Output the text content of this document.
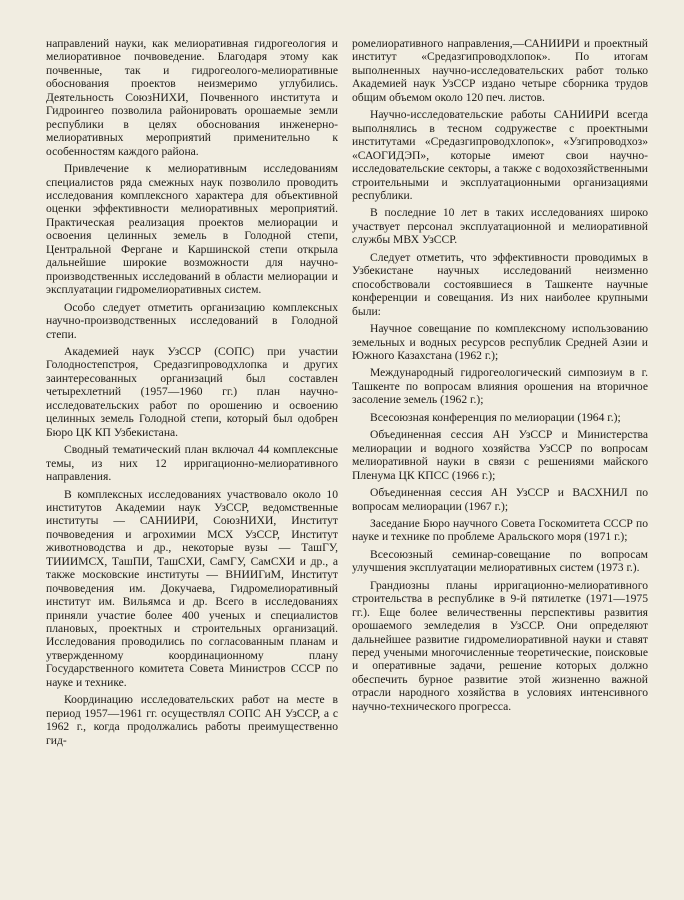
направлений науки, как мелиоративная гидрогеология и мелиоративное почвоведение. Благодаря этому как почвенные, так и гидрогеолого-мелиоративные обоснования проектов неизмеримо углубились. Деятельность СоюзНИХИ, Почвенного института и Гидроингео позволила районировать орошаемые земли республики в целях обоснования инженерно-мелиоративных мероприятий применительно к особенностям каждого района.

Привлечение к мелиоративным исследованиям специалистов ряда смежных наук позволило проводить исследования комплексного характера для объективной оценки эффективности мелиоративных мероприятий. Практическая реализация проектов мелиорации и освоения целинных земель в Голодной степи, Центральной Фергане и Каршинской степи открыла дальнейшие широкие возможности для научно-производственных исследований в области мелиорации и эксплуатации гидромелиоративных систем.

Особо следует отметить организацию комплексных научно-производственных исследований в Голодной степи.

Академией наук УзССР (СОПС) при участии Голодностепстроя, Средазгипроводхлопка и других заинтересованных организаций был составлен четырехлетний (1957—1960 гг.) план научно-исследовательских работ по орошению и освоению целинных земель Голодной степи, который был одобрен Бюро ЦК КП Узбекистана.

Сводный тематический план включал 44 комплексные темы, из них 12 ирригационно-мелиоративного направления.

В комплексных исследованиях участвовало около 10 институтов Академии наук УзССР, ведомственные институты — САНИИРИ, СоюзНИХИ, Институт почвоведения и агрохимии МСХ УзССР, Институт животноводства и др., некоторые вузы — ТашГУ, ТИИИМСХ, ТашПИ, ТашСХИ, СамГУ, СамСХИ и др., а также московские институты — ВНИИГиМ, Институт почвоведения им. Докучаева, Гидромелиоративный институт им. Вильямса и др. Всего в исследованиях приняли участие более 400 ученых и специалистов плановых, проектных и строительных организаций. Исследования проводились по согласованным планам и утвержденному координационному плану Государственного комитета Совета Министров СССР по науке и технике.

Координацию исследовательских работ на месте в период 1957—1961 гг. осуществлял СОПС АН УзССР, а с 1962 г., когда продолжались работы преимущественно гид-

ромелиоративного направления,—САНИИРИ и проектный институт «Средазгипроводхлопок». По итогам выполненных научно-исследовательских работ только Академией наук УзССР издано четыре сборника трудов общим объемом около 120 печ. листов.

Научно-исследовательские работы САНИИРИ всегда выполнялись в тесном содружестве с проектными институтами «Средазгипроводхлопок», «Узгипроводхоз» «САОГИДЭП», которые имеют свои научно-исследовательские секторы, а также с водохозяйственными строительными и эксплуатационными организациями республики.

В последние 10 лет в таких исследованиях широко участвует персонал эксплуатационной и мелиоративной службы МВХ УзССР.

Следует отметить, что эффективности проводимых в Узбекистане научных исследований неизменно способствовали состоявшиеся в Ташкенте научные конференции и совещания. Из них наиболее крупными были:

Научное совещание по комплексному использованию земельных и водных ресурсов республик Средней Азии и Южного Казахстана (1962 г.);

Международный гидрогеологический симпозиум в г. Ташкенте по вопросам влияния орошения на вторичное засоление земель (1962 г.);

Всесоюзная конференция по мелиорации (1964 г.);

Объединенная сессия АН УзССР и Министерства мелиорации и водного хозяйства УзССР по вопросам мелиоративной науки в связи с решениями майского Пленума ЦК КПСС (1966 г.);

Объединенная сессия АН УзССР и ВАСХНИЛ по вопросам мелиорации (1967 г.);

Заседание Бюро научного Совета Госкомитета СССР по науке и технике по проблеме Аральского моря (1971 г.);

Всесоюзный семинар-совещание по вопросам улучшения эксплуатации мелиоративных систем (1973 г.).

Грандиозны планы ирригационно-мелиоративного строительства в республике в 9-й пятилетке (1971—1975 гг.). Еще более величественны перспективы развития орошаемого земледелия в УзССР. Они определяют дальнейшее развитие гидромелиоративной науки и ставят перед учеными многочисленные теоретические, поисковые и оперативные задачи, решение которых должно обеспечить бурное развитие этой жизненно важной отрасли народного хозяйства в условиях интенсивного научно-технического прогресса.
